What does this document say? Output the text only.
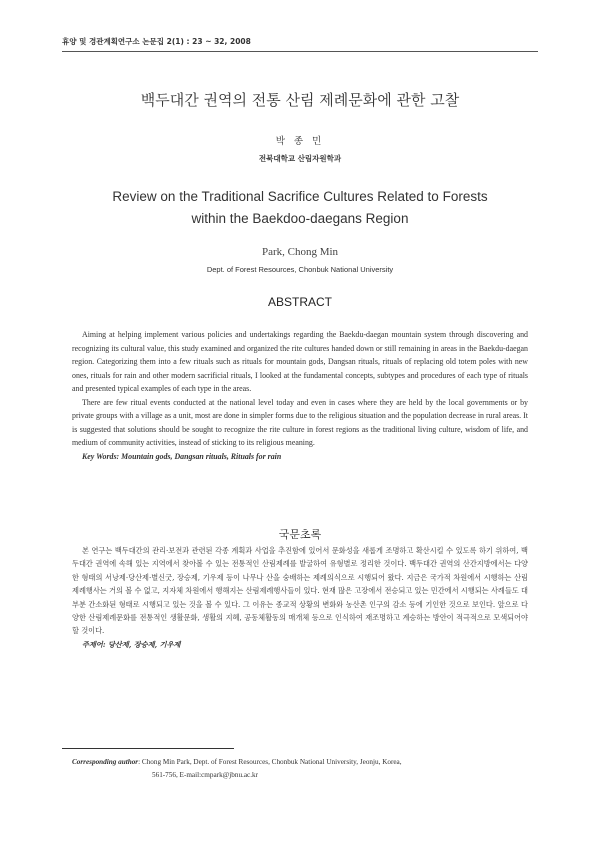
휴양 및 경관계획연구소 논문집 2(1) : 23 ~ 32, 2008
백두대간 권역의 전통 산림 제례문화에 관한 고찰
박 종 민
전북대학교 산림자원학과
Review on the Traditional Sacrifice Cultures Related to Forests
within the Baekdoo-daegans Region
Park, Chong Min
Dept. of Forest Resources, Chonbuk National University
ABSTRACT

Aiming at helping implement various policies and undertakings regarding the Baekdu-daegan mountain system through discovering and recognizing its cultural value, this study examined and organized the rite cultures handed down or still remaining in areas in the Baekdu-daegan region. Categorizing them into a few rituals such as rituals for mountain gods, Dangsan rituals, rituals of replacing old totem poles with new ones, rituals for rain and other modern sacrificial rituals, I looked at the fundamental concepts, subtypes and procedures of each type of rituals and presented typical examples of each type in the areas.

There are few ritual events conducted at the national level today and even in cases where they are held by the local governments or by private groups with a village as a unit, most are done in simpler forms due to the religious situation and the population decrease in rural areas. It is suggested that solutions should be sought to recognize the rite culture in forest regions as the traditional living culture, wisdom of life, and medium of community activities, instead of sticking to its religious meaning.

Key Words: Mountain gods, Dangsan rituals, Rituals for rain

국문초록

본 연구는 백두대간의 관리·보전과 관련된 각종 계획과 사업을 추진함에 있어서 문화성을 새롭게 조명하고 확산시킬 수 있도록 하기 위하여, 백두대간 권역에 속해 있는 지역에서 찾아볼 수 있는 전통적인 산림제례를 발굴하여 유형별로 정리한 것이다. 백두대간 권역의 산간지방에서는 다양한 형태의 서낭제·당산제·별신굿, 장승제, 기우제 등이 나무나 산을 숭배하는 제례의식으로 시행되어 왔다. 지금은 국가적 차원에서 시행하는 산림제례행사는 거의 볼 수 없고, 지자체 차원에서 행해지는 산림제례행사들이 있다. 현재 많은 고장에서 전승되고 있는 민간에서 시행되는 사례들도 대부분 간소화된 형태로 시행되고 있는 것을 볼 수 있다. 그 이유는 종교적 상황의 변화와 농산촌 인구의 감소 등에 기인한 것으로 보인다. 앞으로 다양한 산림제례문화를 전통적인 생활문화, 생활의 지혜, 공동체활동의 매개체 등으로 인식하여 재조명하고 계승하는 방안이 적극적으로 모색되어야 할 것이다.

주제어: 당산제, 장승제, 기우제

Corresponding author: Chong Min Park, Dept. of Forest Resources, Chonbuk National University, Jeonju, Korea,
561-756, E-mail:cmpark@jbnu.ac.kr
